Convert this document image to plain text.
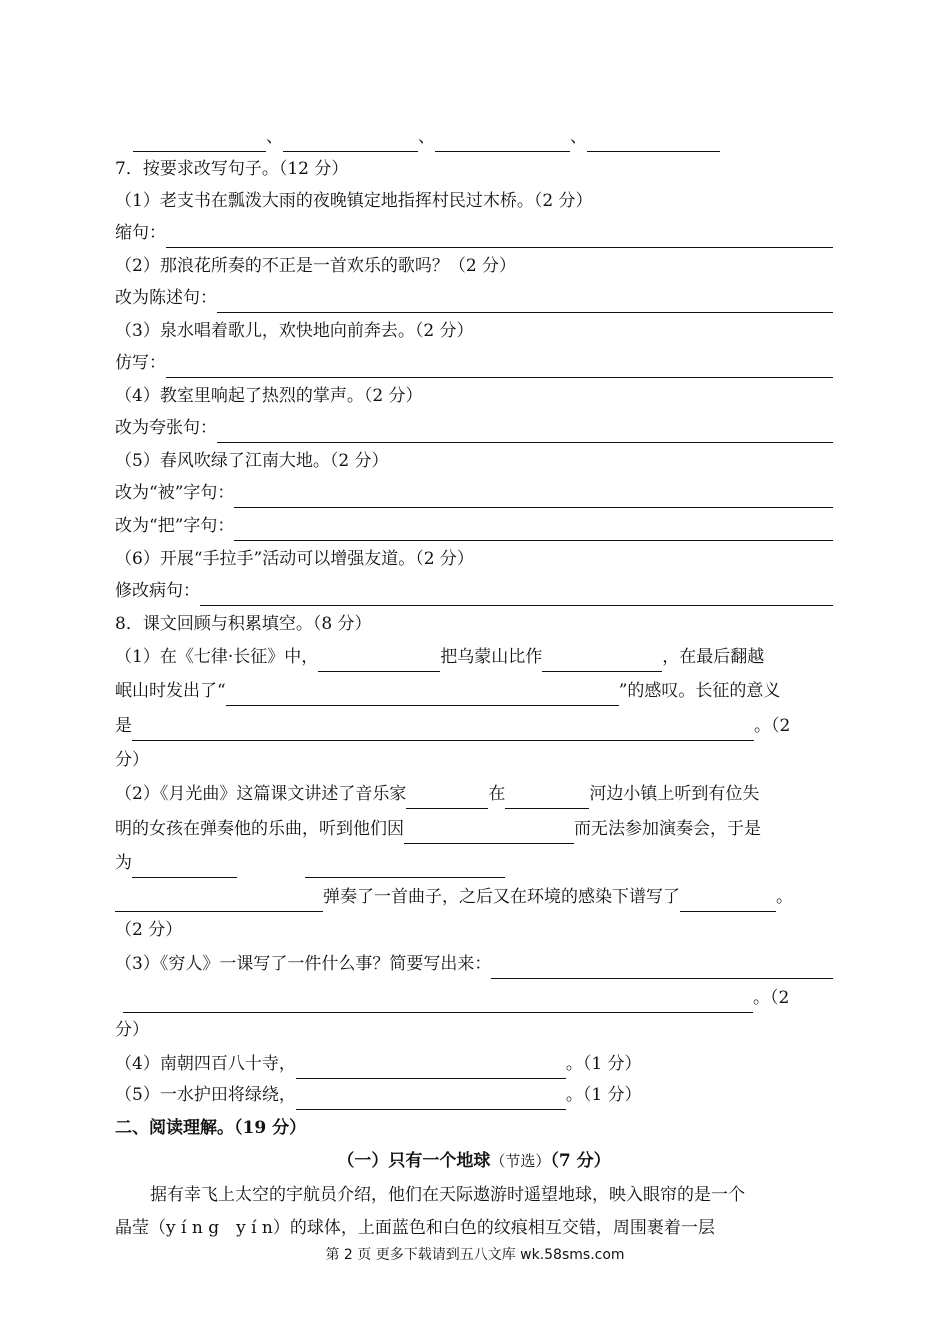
、	、	、
7．按要求改写句子。（12 分）
（1）老支书在瓢泼大雨的夜晚镇定地指挥村民过木桥。（2 分）
缩句：
（2）那浪花所奏的不正是一首欢乐的歌吗？（2 分）
改为陈述句：
（3）泉水唱着歌儿，欢快地向前奔去。（2 分）
仿写：
（4）教室里响起了热烈的掌声。（2 分）
改为夸张句：
（5）春风吹绿了江南大地。（2 分）
改为“被”字句：
改为“把”字句：
（6）开展“手拉手”活动可以增强友道。（2 分）
修改病句：
8．课文回顾与积累填空。（8 分）
（1）在《七律·长征》中，	把乌蒙山比作	，在最后翻越
岷山时发出了“	”的感叹。长征的意义
是	。（2
分）
（2）《月光曲》这篇课文讲述了音乐家	在	河边小镇上听到有位失
明的女孩在弹奏他的乐曲，听到他们因	而无法参加演奏会，于是
为
弹奏了一首曲子，之后又在环境的感染下谱写了	。
（2 分）
（3）《穷人》一课写了一件什么事？简要写出来：
。（2
分）
（4）南朝四百八十寺，	。（1 分）
（5）一水护田将绿绕，	。（1 分）
二、阅读理解。（19 分）
（一）只有一个地球（节选）（7 分）
据有幸飞上太空的宇航员介绍，他们在天际遨游时遥望地球，映入眼帘的是一个
晶莹（y í n g　y í n）的球体，上面蓝色和白色的纹痕相互交错，周围裹着一层
第 2 页 更多下载请到五八文库 wk.58sms.com
